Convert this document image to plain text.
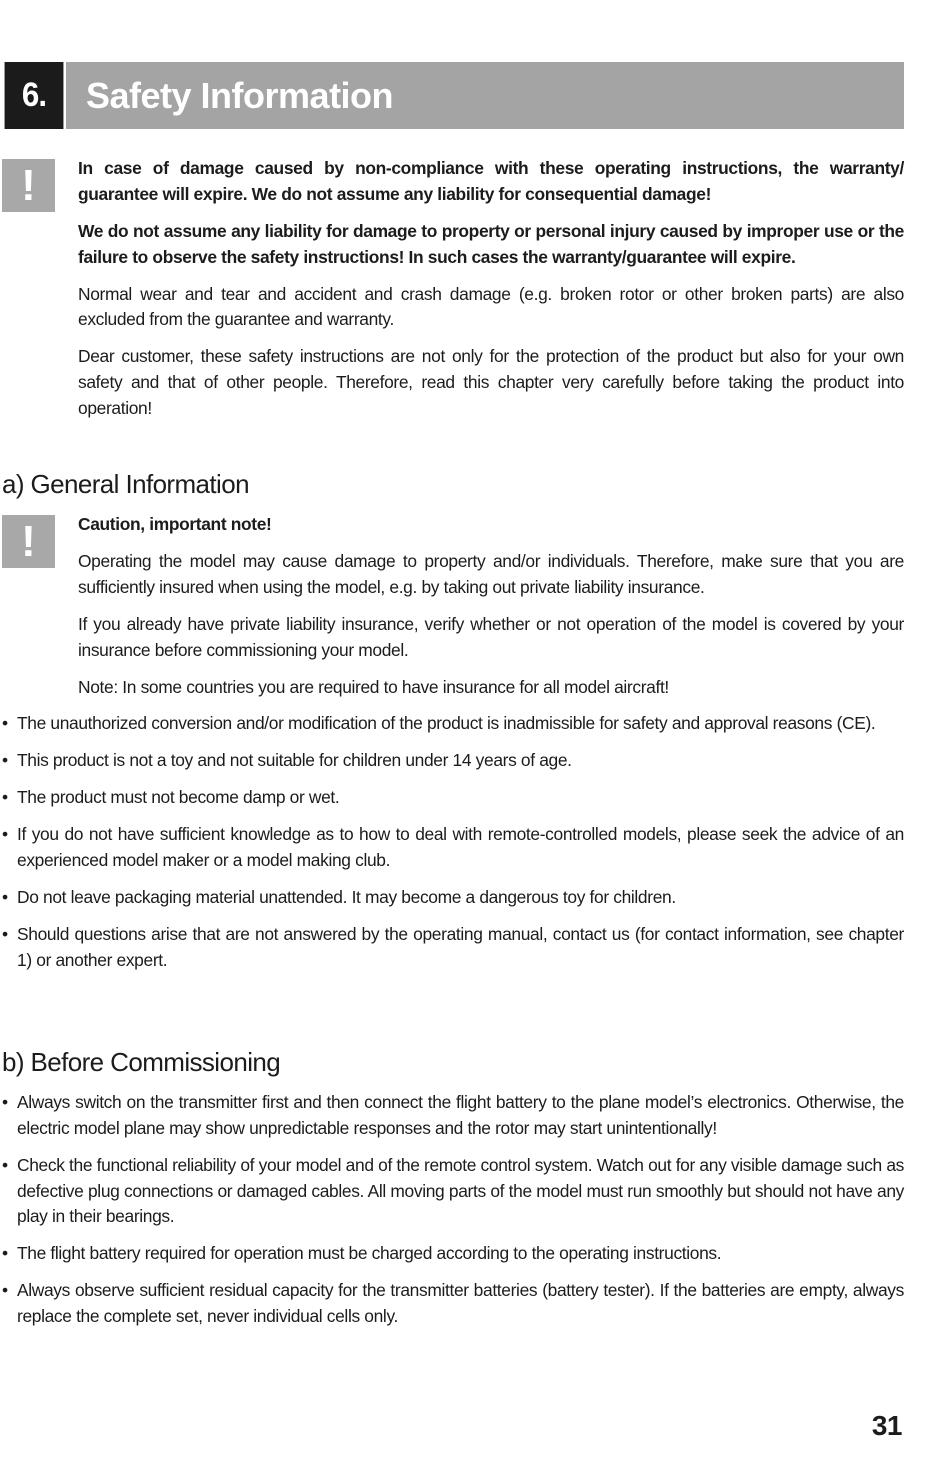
6.	Safety Information
!	In case of damage caused by non-compliance with these operating instructions, the warranty/ guarantee will expire. We do not assume any liability for consequential damage!

We do not assume any liability for damage to property or personal injury caused by improper use or the failure to observe the safety instructions! In such cases the warranty/guarantee will expire.

Normal wear and tear and accident and crash damage (e.g. broken rotor or other broken parts) are also excluded from the guarantee and warranty.

Dear customer, these safety instructions are not only for the protection of the product but also for your own safety and that of other people. Therefore, read this chapter very carefully before taking the product into operation!

a) General Information
!	Caution, important note!

Operating the model may cause damage to property and/or individuals. Therefore, make sure that you are sufficiently insured when using the model, e.g. by taking out private liability insurance.

If you already have private liability insurance, verify whether or not operation of the model is covered by your insurance before commissioning your model.

Note: In some countries you are required to have insurance for all model aircraft!

• The unauthorized conversion and/or modification of the product is inadmissible for safety and approval reasons (CE).
• This product is not a toy and not suitable for children under 14 years of age.
• The product must not become damp or wet.
• If you do not have sufficient knowledge as to how to deal with remote-controlled models, please seek the advice of an experienced model maker or a model making club.
• Do not leave packaging material unattended. It may become a dangerous toy for children.
• Should questions arise that are not answered by the operating manual, contact us (for contact information, see chapter 1) or another expert.
b) Before Commissioning
• Always switch on the transmitter first and then connect the flight battery to the plane model’s electronics. Otherwise, the electric model plane may show unpredictable responses and the rotor may start unintentionally!
• Check the functional reliability of your model and of the remote control system. Watch out for any visible damage such as defective plug connections or damaged cables. All moving parts of the model must run smoothly but should not have any play in their bearings.
• The flight battery required for operation must be charged according to the operating instructions.
• Always observe sufficient residual capacity for the transmitter batteries (battery tester). If the batteries are empty, always replace the complete set, never individual cells only.
31
